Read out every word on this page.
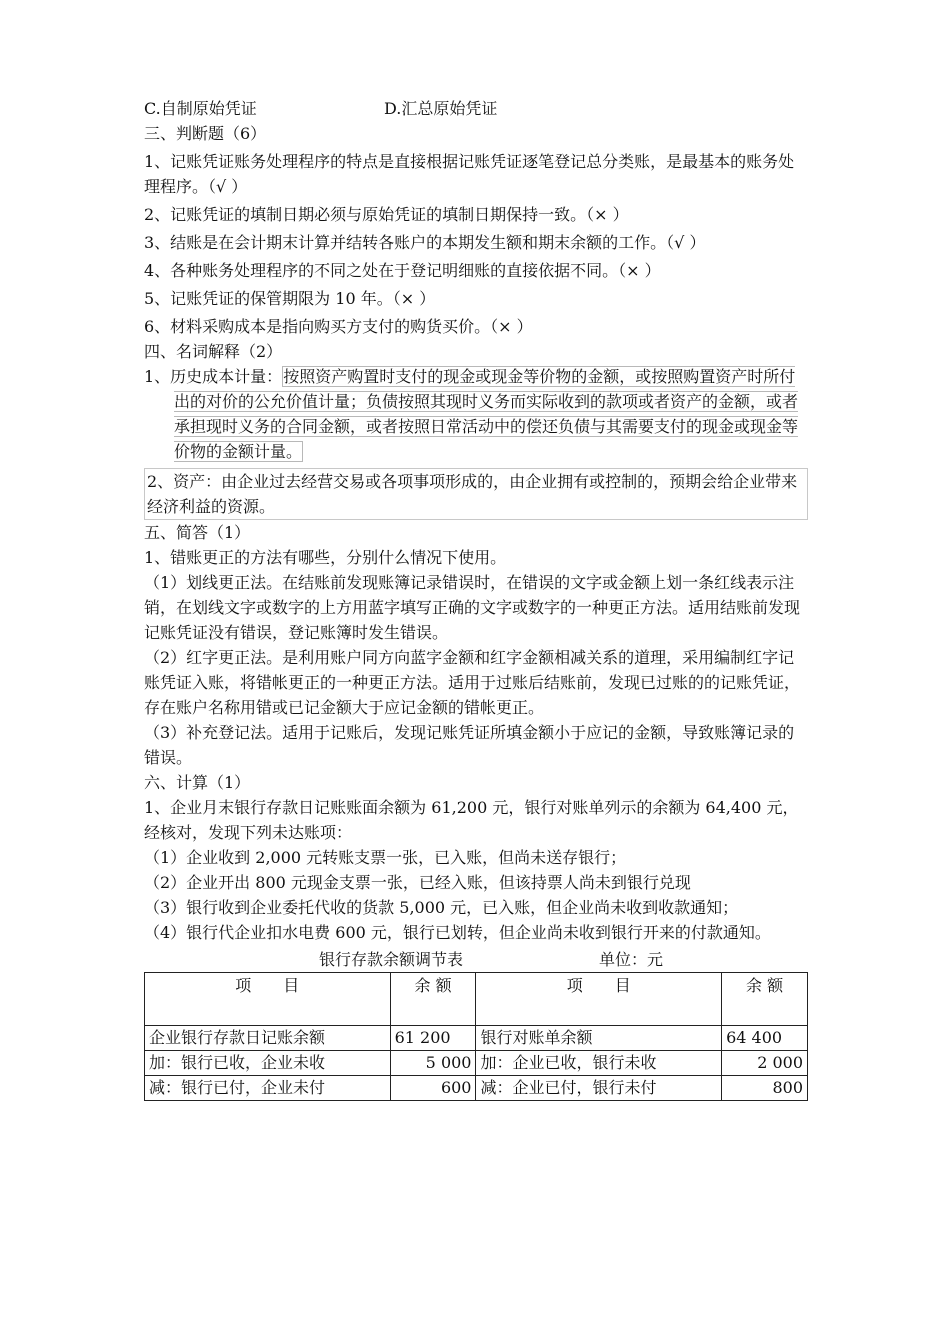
C.自制原始凭证	D.汇总原始凭证
三、判断题（6）
1、记账凭证账务处理程序的特点是直接根据记账凭证逐笔登记总分类账，是最基本的账务处理程序。（√ ）
2、记账凭证的填制日期必须与原始凭证的填制日期保持一致。（× ）
3、结账是在会计期末计算并结转各账户的本期发生额和期末余额的工作。（√ ）
4、各种账务处理程序的不同之处在于登记明细账的直接依据不同。（× ）
5、记账凭证的保管期限为 10 年。（× ）
6、材料采购成本是指向购买方支付的购货买价。（× ）
四、名词解释（2）
1、历史成本计量：按照资产购置时支付的现金或现金等价物的金额，或按照购置资产时所付出的对价的公允价值计量；负债按照其现时义务而实际收到的款项或者资产的金额，或者承担现时义务的合同金额，或者按照日常活动中的偿还负债与其需要支付的现金或现金等价物的金额计量。
2、资产：由企业过去经营交易或各项事项形成的，由企业拥有或控制的，预期会给企业带来经济利益的资源。
五、简答（1）
1、错账更正的方法有哪些，分别什么情况下使用。
（1）划线更正法。在结账前发现账簿记录错误时，在错误的文字或金额上划一条红线表示注销，在划线文字或数字的上方用蓝字填写正确的文字或数字的一种更正方法。适用结账前发现记账凭证没有错误，登记账簿时发生错误。
（2）红字更正法。是利用账户同方向蓝字金额和红字金额相减关系的道理，采用编制红字记账凭证入账，将错帐更正的一种更正方法。适用于过账后结账前，发现已过账的的记账凭证，存在账户名称用错或已记金额大于应记金额的错帐更正。
（3）补充登记法。适用于记账后，发现记账凭证所填金额小于应记的金额，导致账簿记录的错误。
六、计算（1）
1、企业月末银行存款日记账账面余额为 61,200 元，银行对账单列示的余额为 64,400 元，经核对，发现下列未达账项：
（1）企业收到 2,000 元转账支票一张，已入账，但尚未送存银行；
（2）企业开出 800 元现金支票一张，已经入账，但该持票人尚未到银行兑现
（3）银行收到企业委托代收的货款 5,000 元，已入账，但企业尚未收到收款通知；
（4）银行代企业扣水电费 600 元，银行已划转，但企业尚未收到银行开来的付款通知。
银行存款余额调节表	单位：元
项　　目	余 额	项　　目	余 额
企业银行存款日记账余额	61 200	银行对账单余额	64 400
加：银行已收，企业未收	5 000	加：企业已收，银行未收	2 000
减：银行已付，企业未付	600	减：企业已付，银行未付	800
